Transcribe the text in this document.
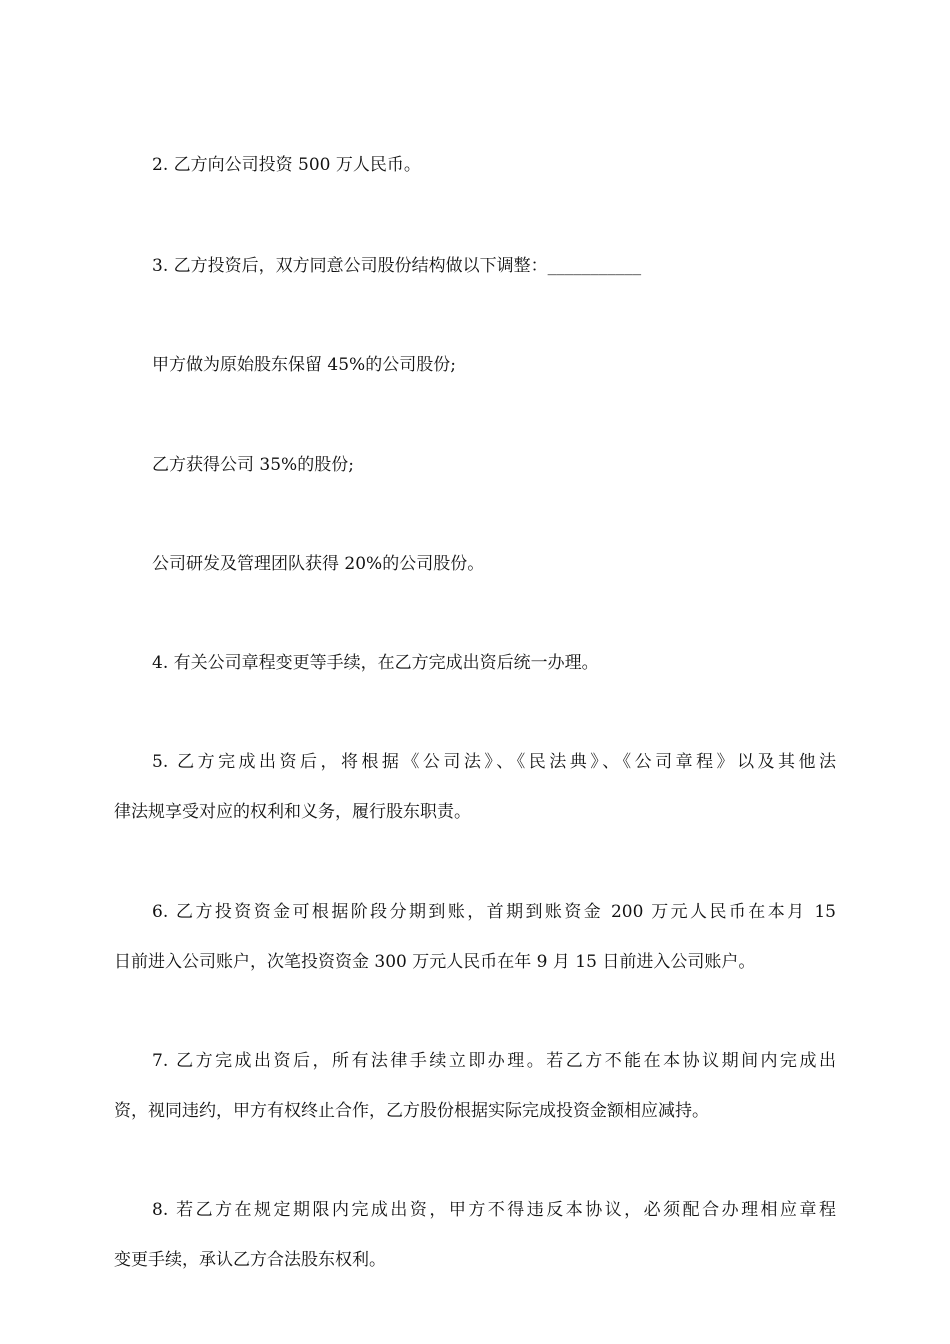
2. 乙方向公司投资 500 万人民币。
3. 乙方投资后，双方同意公司股份结构做以下调整：___________
甲方做为原始股东保留 45%的公司股份;
乙方获得公司 35%的股份;
公司研发及管理团队获得 20%的公司股份。
4. 有关公司章程变更等手续，在乙方完成出资后统一办理。
5. 乙方完成出资后，将根据《公司法》、《民法典》、《公司章程》以及其他法
律法规享受对应的权利和义务，履行股东职责。
6. 乙方投资资金可根据阶段分期到账，首期到账资金 200 万元人民币在本月 15
日前进入公司账户，次笔投资资金 300 万元人民币在年 9 月 15 日前进入公司账户。
7. 乙方完成出资后，所有法律手续立即办理。若乙方不能在本协议期间内完成出
资，视同违约，甲方有权终止合作，乙方股份根据实际完成投资金额相应减持。
8. 若乙方在规定期限内完成出资，甲方不得违反本协议，必须配合办理相应章程
变更手续，承认乙方合法股东权利。
